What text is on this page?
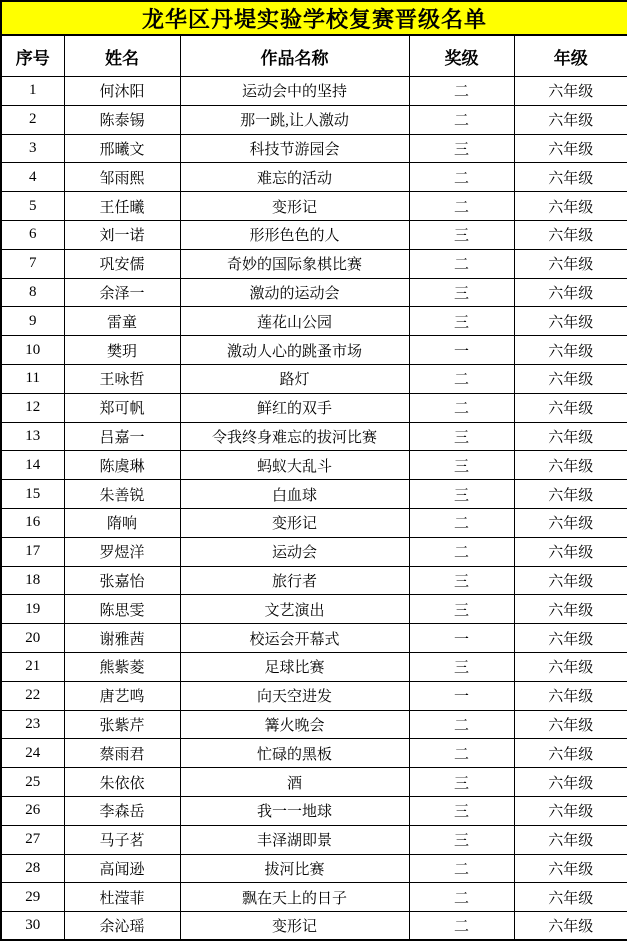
龙华区丹堤实验学校复赛晋级名单				
序号	姓名	作品名称	奖级	年级
1	何沐阳	运动会中的坚持	二	六年级
2	陈泰锡	那一跳,让人激动	二	六年级
3	邢曦文	科技节游园会	三	六年级
4	邹雨熙	难忘的活动	二	六年级
5	王任曦	变形记	二	六年级
6	刘一诺	形形色色的人	三	六年级
7	巩安儒	奇妙的国际象棋比赛	二	六年级
8	余泽一	激动的运动会	三	六年级
9	雷童	莲花山公园	三	六年级
10	樊玥	激动人心的跳蚤市场	一	六年级
11	王咏哲	路灯	二	六年级
12	郑可帆	鲜红的双手	二	六年级
13	吕嘉一	令我终身难忘的拔河比赛	三	六年级
14	陈虞琳	蚂蚁大乱斗	三	六年级
15	朱善锐	白血球	三	六年级
16	隋响	变形记	二	六年级
17	罗煜洋	运动会	二	六年级
18	张嘉怡	旅行者	三	六年级
19	陈思雯	文艺演出	三	六年级
20	谢雅茜	校运会开幕式	一	六年级
21	熊紫菱	足球比赛	三	六年级
22	唐艺鸣	向天空进发	一	六年级
23	张紫芹	篝火晚会	二	六年级
24	蔡雨君	忙碌的黑板	二	六年级
25	朱依依	酒	三	六年级
26	李森岳	我一一地球	三	六年级
27	马子茗	丰泽湖即景	三	六年级
28	高闻逊	拔河比赛	二	六年级
29	杜滢菲	飘在天上的日子	二	六年级
30	余沁瑶	变形记	二	六年级
